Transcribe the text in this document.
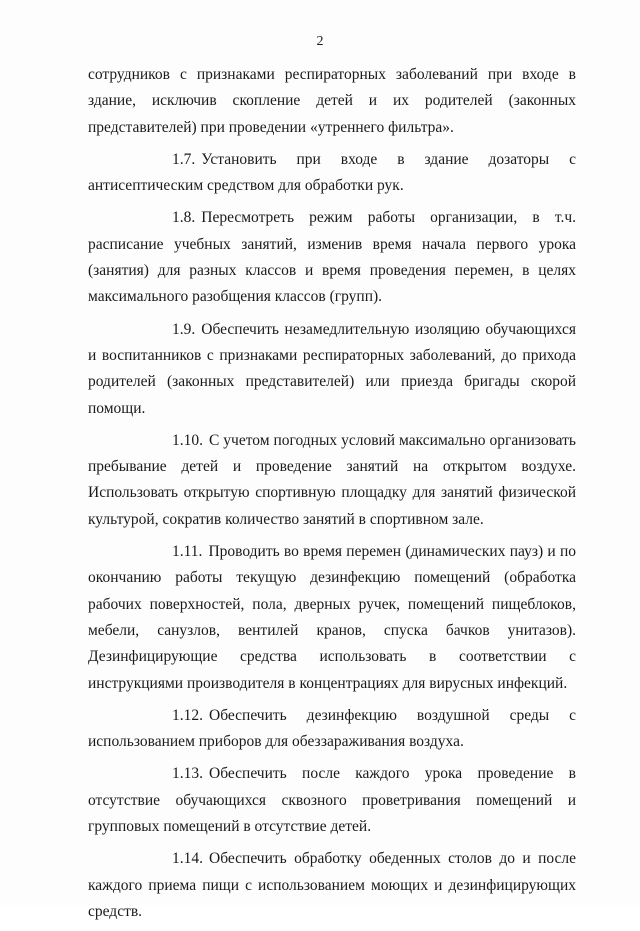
2

сотрудников с признаками респираторных заболеваний при входе в здание, исключив скопление детей и их родителей (законных представителей) при проведении «утреннего фильтра».

1.7. Установить при входе в здание дозаторы с антисептическим средством для обработки рук.

1.8. Пересмотреть режим работы организации, в т.ч. расписание учебных занятий, изменив время начала первого урока (занятия) для разных классов и время проведения перемен, в целях максимального разобщения классов (групп).

1.9. Обеспечить незамедлительную изоляцию обучающихся и воспитанников с признаками респираторных заболеваний, до прихода родителей (законных представителей) или приезда бригады скорой помощи.

1.10. С учетом погодных условий максимально организовать пребывание детей и проведение занятий на открытом воздухе. Использовать открытую спортивную площадку для занятий физической культурой, сократив количество занятий в спортивном зале.

1.11. Проводить во время перемен (динамических пауз) и по окончанию работы текущую дезинфекцию помещений (обработка рабочих поверхностей, пола, дверных ручек, помещений пищеблоков, мебели, санузлов, вентилей кранов, спуска бачков унитазов). Дезинфицирующие средства использовать в соответствии с инструкциями производителя в концентрациях для вирусных инфекций.

1.12. Обеспечить дезинфекцию воздушной среды с использованием приборов для обеззараживания воздуха.

1.13. Обеспечить после каждого урока проведение в отсутствие обучающихся сквозного проветривания помещений и групповых помещений в отсутствие детей.

1.14. Обеспечить обработку обеденных столов до и после каждого приема пищи с использованием моющих и дезинфицирующих средств.
